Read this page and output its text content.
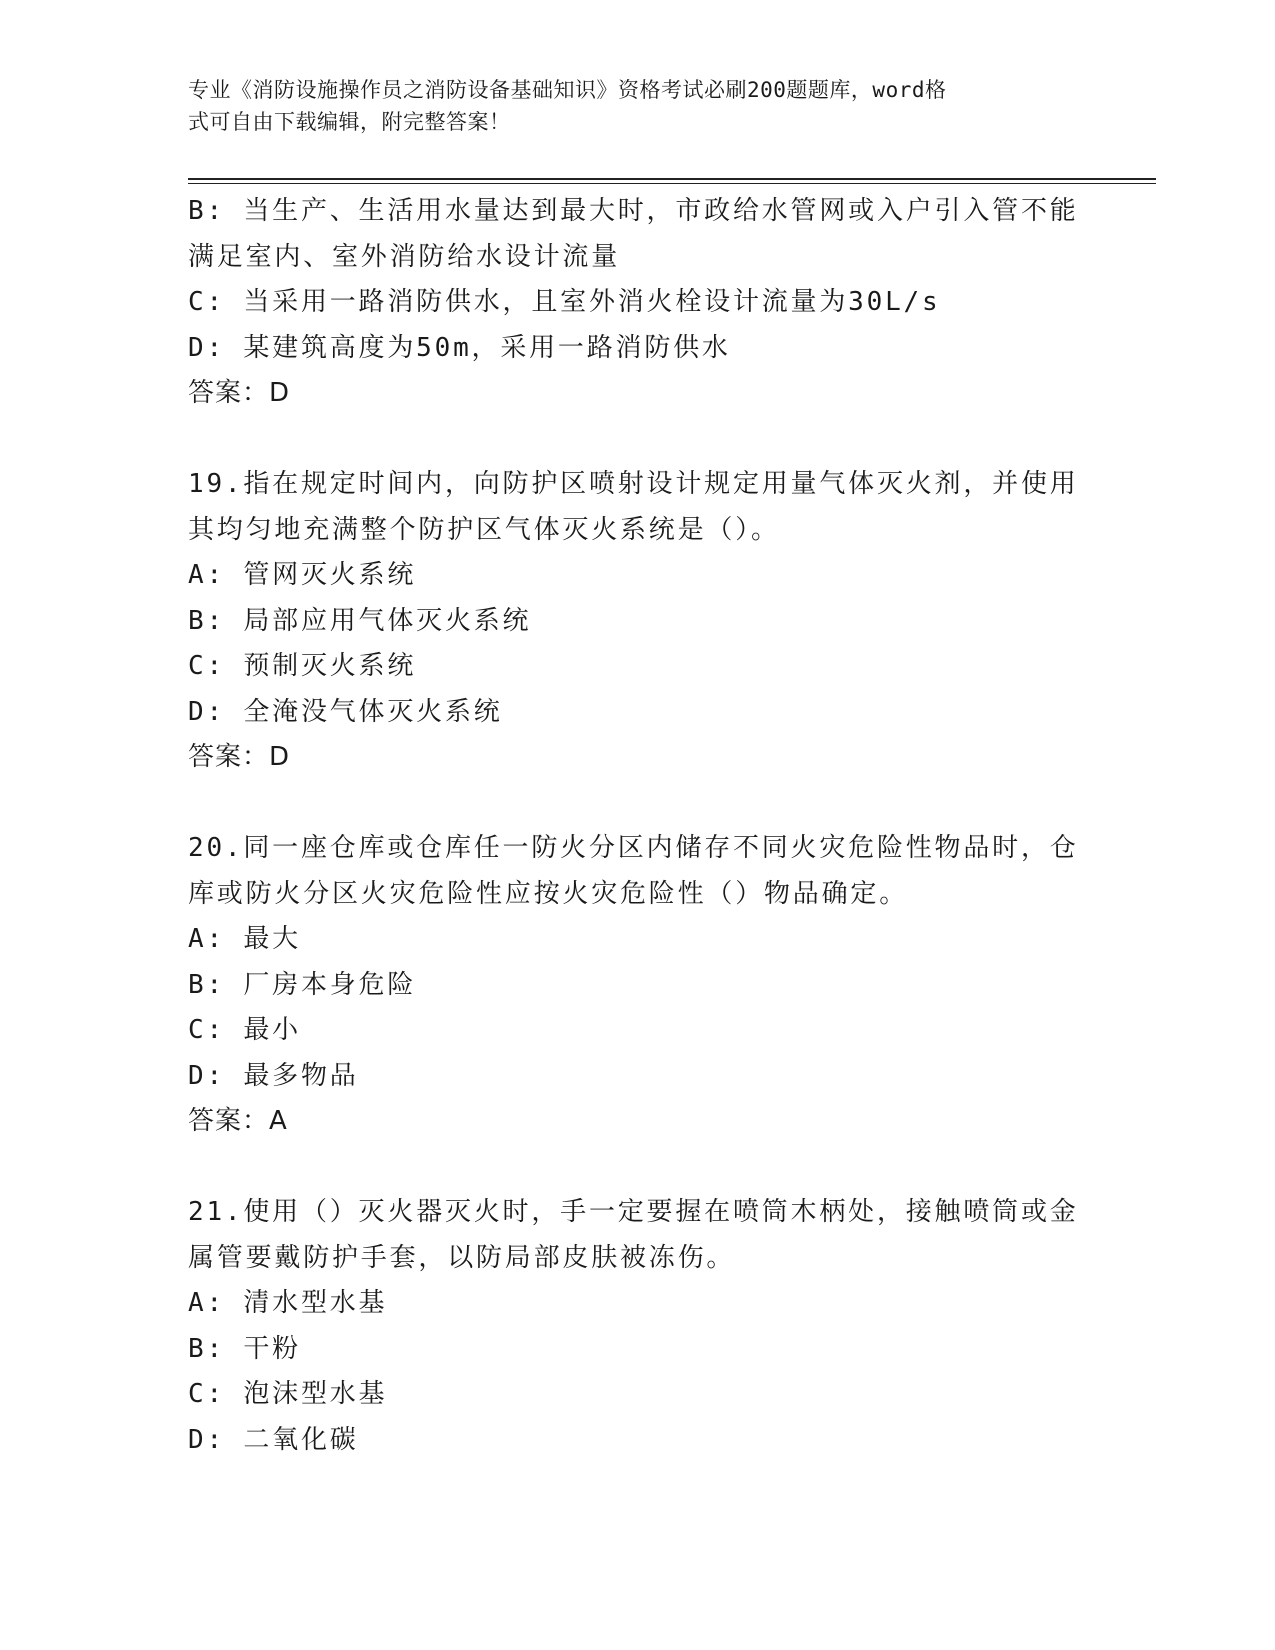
专业《消防设施操作员之消防设备基础知识》资格考试必刷200题题库，word格
式可自由下载编辑，附完整答案！
B: 当生产、生活用水量达到最大时，市政给水管网或入户引入管不能
满足室内、室外消防给水设计流量
C: 当采用一路消防供水，且室外消火栓设计流量为30L/s
D: 某建筑高度为50m，采用一路消防供水
答案：D
19.指在规定时间内，向防护区喷射设计规定用量气体灭火剂，并使用
其均匀地充满整个防护区气体灭火系统是（）。
A: 管网灭火系统
B: 局部应用气体灭火系统
C: 预制灭火系统
D: 全淹没气体灭火系统
答案：D
20.同一座仓库或仓库任一防火分区内储存不同火灾危险性物品时，仓
库或防火分区火灾危险性应按火灾危险性（）物品确定。
A: 最大
B: 厂房本身危险
C: 最小
D: 最多物品
答案：A
21.使用（）灭火器灭火时，手一定要握在喷筒木柄处，接触喷筒或金
属管要戴防护手套，以防局部皮肤被冻伤。
A: 清水型水基
B: 干粉
C: 泡沫型水基
D: 二氧化碳
